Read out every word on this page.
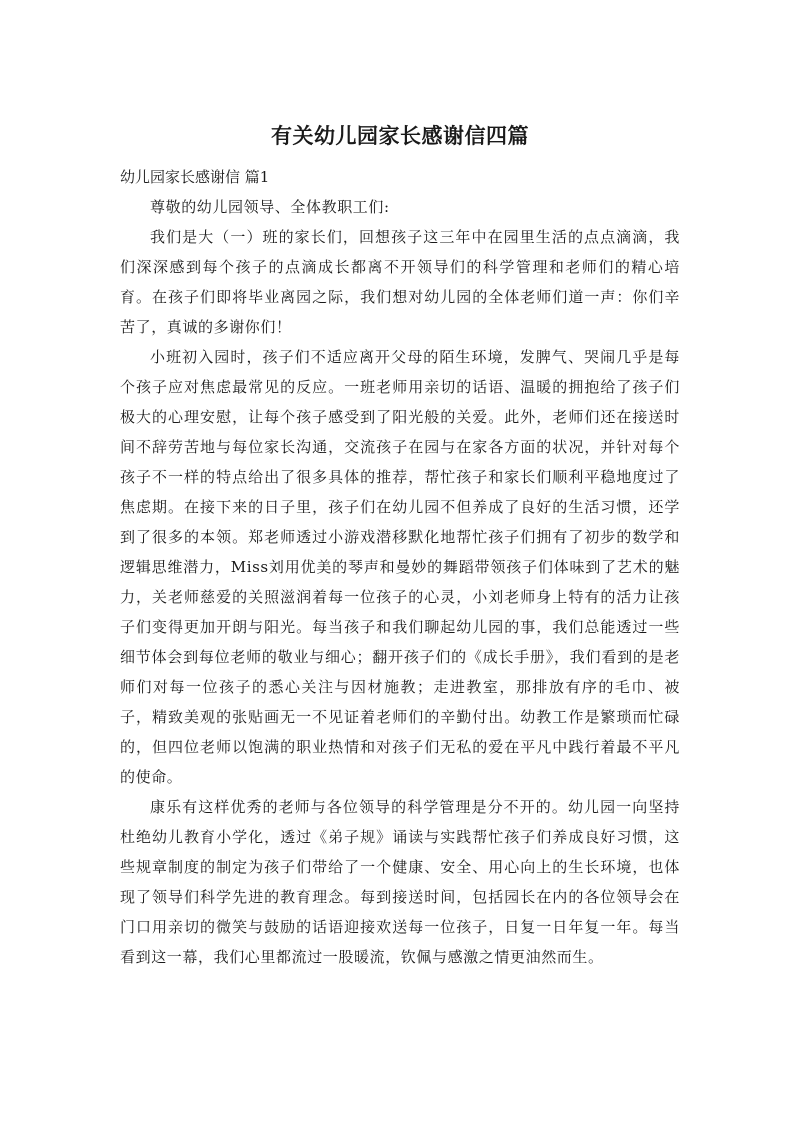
有关幼儿园家长感谢信四篇

幼儿园家长感谢信 篇1

尊敬的幼儿园领导、全体教职工们:

我们是大（一）班的家长们，回想孩子这三年中在园里生活的点点滴滴，我们深深感到每个孩子的点滴成长都离不开领导们的科学管理和老师们的精心培育。在孩子们即将毕业离园之际，我们想对幼儿园的全体老师们道一声：你们辛苦了，真诚的多谢你们！

小班初入园时，孩子们不适应离开父母的陌生环境，发脾气、哭闹几乎是每个孩子应对焦虑最常见的反应。一班老师用亲切的话语、温暖的拥抱给了孩子们极大的心理安慰，让每个孩子感受到了阳光般的关爱。此外，老师们还在接送时间不辞劳苦地与每位家长沟通，交流孩子在园与在家各方面的状况，并针对每个孩子不一样的特点给出了很多具体的推荐，帮忙孩子和家长们顺利平稳地度过了焦虑期。在接下来的日子里，孩子们在幼儿园不但养成了良好的生活习惯，还学到了很多的本领。郑老师透过小游戏潜移默化地帮忙孩子们拥有了初步的数学和逻辑思维潜力，Miss刘用优美的琴声和曼妙的舞蹈带领孩子们体味到了艺术的魅力，关老师慈爱的关照滋润着每一位孩子的心灵，小刘老师身上特有的活力让孩子们变得更加开朗与阳光。每当孩子和我们聊起幼儿园的事，我们总能透过一些细节体会到每位老师的敬业与细心；翻开孩子们的《成长手册》，我们看到的是老师们对每一位孩子的悉心关注与因材施教；走进教室，那排放有序的毛巾、被子，精致美观的张贴画无一不见证着老师们的辛勤付出。幼教工作是繁琐而忙碌的，但四位老师以饱满的职业热情和对孩子们无私的爱在平凡中践行着最不平凡的使命。

康乐有这样优秀的老师与各位领导的科学管理是分不开的。幼儿园一向坚持杜绝幼儿教育小学化，透过《弟子规》诵读与实践帮忙孩子们养成良好习惯，这些规章制度的制定为孩子们带给了一个健康、安全、用心向上的生长环境，也体现了领导们科学先进的教育理念。每到接送时间，包括园长在内的各位领导会在门口用亲切的微笑与鼓励的话语迎接欢送每一位孩子，日复一日年复一年。每当看到这一幕，我们心里都流过一股暖流，钦佩与感激之情更油然而生。
